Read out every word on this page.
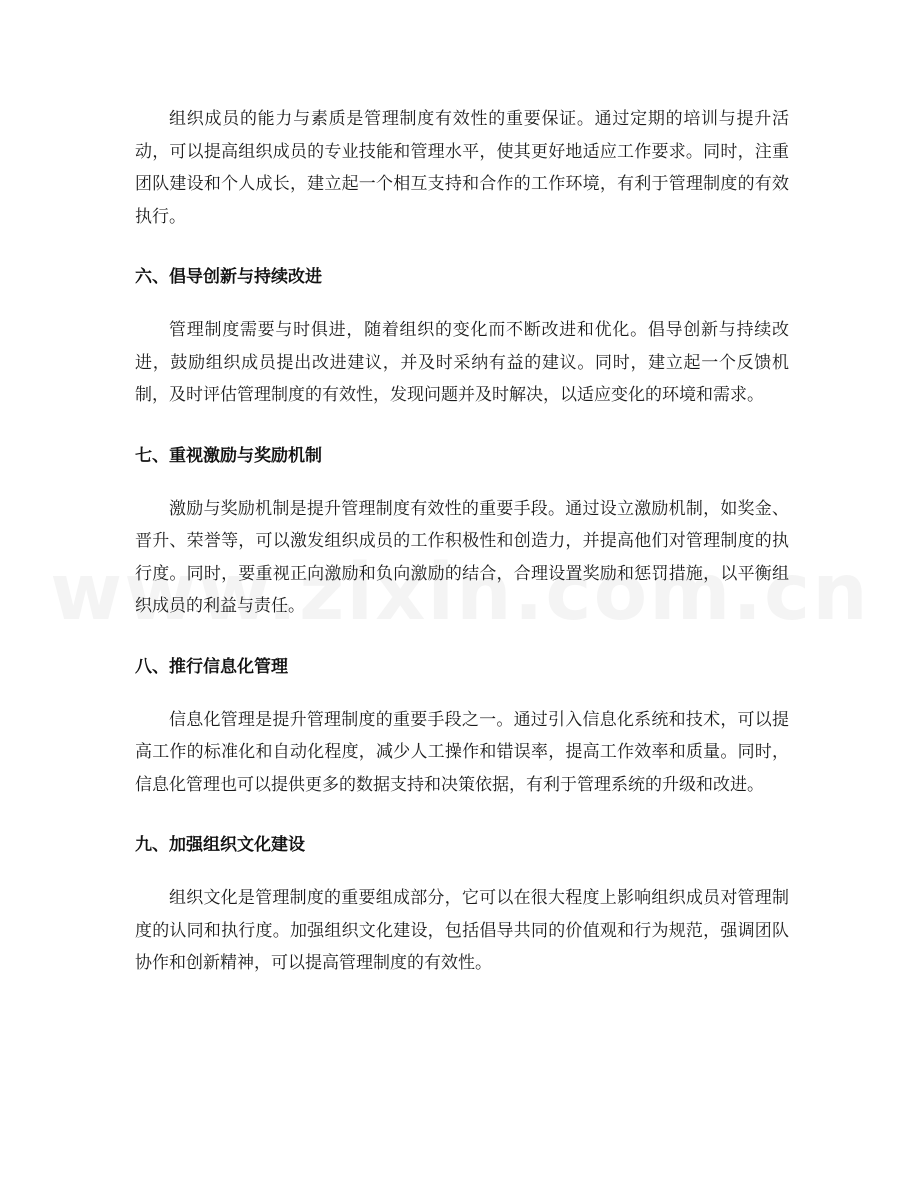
组织成员的能力与素质是管理制度有效性的重要保证。通过定期的培训与提升活动，可以提高组织成员的专业技能和管理水平，使其更好地适应工作要求。同时，注重团队建设和个人成长，建立起一个相互支持和合作的工作环境，有利于管理制度的有效执行。

六、倡导创新与持续改进

管理制度需要与时俱进，随着组织的变化而不断改进和优化。倡导创新与持续改进，鼓励组织成员提出改进建议，并及时采纳有益的建议。同时，建立起一个反馈机制，及时评估管理制度的有效性，发现问题并及时解决，以适应变化的环境和需求。

七、重视激励与奖励机制

激励与奖励机制是提升管理制度有效性的重要手段。通过设立激励机制，如奖金、晋升、荣誉等，可以激发组织成员的工作积极性和创造力，并提高他们对管理制度的执行度。同时，要重视正向激励和负向激励的结合，合理设置奖励和惩罚措施，以平衡组织成员的利益与责任。

八、推行信息化管理

信息化管理是提升管理制度的重要手段之一。通过引入信息化系统和技术，可以提高工作的标准化和自动化程度，减少人工操作和错误率，提高工作效率和质量。同时，信息化管理也可以提供更多的数据支持和决策依据，有利于管理系统的升级和改进。

九、加强组织文化建设

组织文化是管理制度的重要组成部分，它可以在很大程度上影响组织成员对管理制度的认同和执行度。加强组织文化建设，包括倡导共同的价值观和行为规范，强调团队协作和创新精神，可以提高管理制度的有效性。
